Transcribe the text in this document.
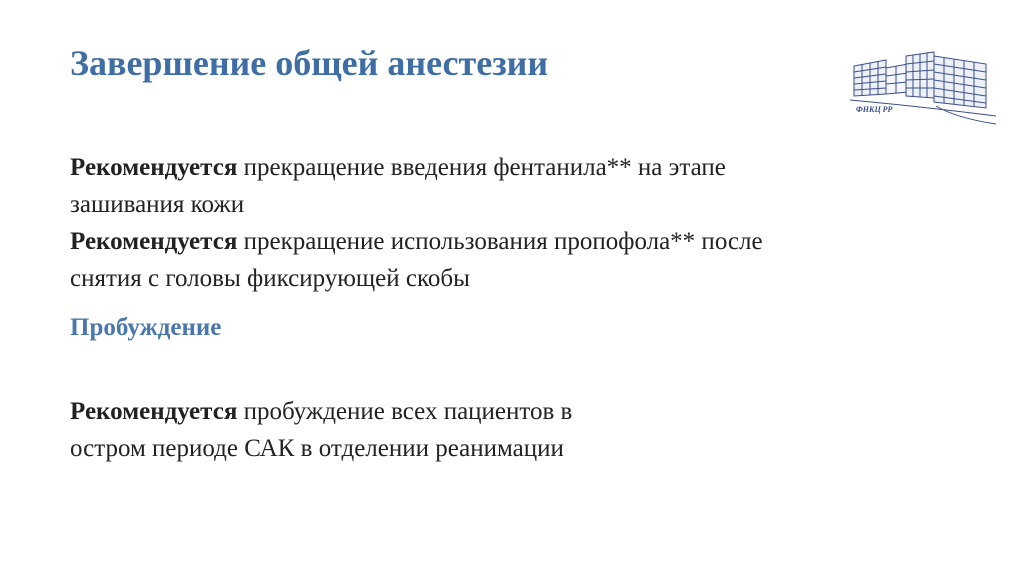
Завершение общей анестезии
ФНКЦ РР
Рекомендуется прекращение введения фентанила** на этапе
зашивания кожи
Рекомендуется прекращение использования пропофола** после
снятия с головы фиксирующей скобы
Пробуждение
Рекомендуется пробуждение всех пациентов в
остром периоде САК в отделении реанимации
